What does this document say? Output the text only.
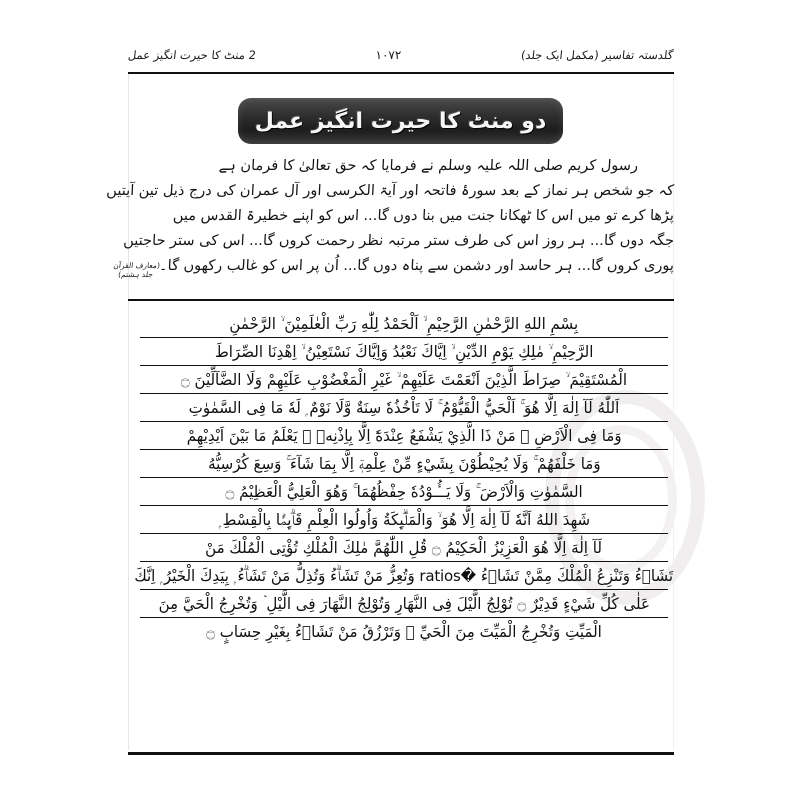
گلدستہ تفاسیر (مکمل ایک جلد)
۱۰۷۲
2 منٹ کا حیرت انگیز عمل
دو منٹ کا حیرت انگیز عمل
رسول کریم صلی اللہ علیہ وسلم نے فرمایا کہ حق تعالیٰ کا فرمان ہے
کہ جو شخص ہر نماز کے بعد سورۂ فاتحہ اور آیۃ الکرسی اور آل عمران کی درج ذیل تین آیتیں
پڑھا کرے تو میں اس کا ٹھکانا جنت میں بنا دوں گا... اس کو اپنے خطیرۃ القدس میں
جگہ دوں گا... ہر روز اس کی طرف ستر مرتبہ نظر رحمت کروں گا... اس کی ستر حاجتیں
پوری کروں گا... ہر حاسد اور دشمن سے پناہ دوں گا... اُن پر اس کو غالب رکھوں گا۔
(معارف القرآن
جلد ہشتم)
بِسْمِ اللهِ الرَّحْمٰنِ الرَّحِيْمِ ۙ اَلْحَمْدُ لِلّٰهِ رَبِّ الْعٰلَمِيْنَ ۙ الرَّحْمٰنِ
الرَّحِيْمِ ۙ مٰلِكِ يَوْمِ الدِّيْنِ ۙ اِيَّاكَ نَعْبُدُ وَاِيَّاكَ نَسْتَعِيْنُ ۙ اِهْدِنَا الصِّرَاطَ
الْمُسْتَقِيْمَ ۙ صِرَاطَ الَّذِيْنَ اَنْعَمْتَ عَلَيْهِمْ ۙ غَيْرِ الْمَغْضُوْبِ عَلَيْهِمْ وَلَا الضَّآلِّيْنَ ۝
اَللّٰهُ لَآ اِلٰهَ اِلَّا هُوَ ۚ اَلْحَيُّ الْقَيُّوْمُ ۚ لَا تَاْخُذُهٗ سِنَةٌ وَّلَا نَوْمٌ ۭ لَهٗ مَا فِى السَّمٰوٰتِ
وَمَا فِى الْاَرْضِ ۭ مَنْ ذَا الَّذِيْ يَشْفَعُ عِنْدَهٗٓ اِلَّا بِاِذْنِهٖ ۭ يَعْلَمُ مَا بَيْنَ اَيْدِيْهِمْ
وَمَا خَلْفَهُمْ ۚ وَلَا يُحِيْطُوْنَ بِشَيْءٍ مِّنْ عِلْمِهٖٓ اِلَّا بِمَا شَآءَ ۚ وَسِعَ كُرْسِيُّهُ
السَّمٰوٰتِ وَالْاَرْضَ ۚ وَلَا يَــُٔـوْدُهٗ حِفْظُهُمَا ۚ وَهُوَ الْعَلِيُّ الْعَظِيْمُ ۝
شَهِدَ اللهُ اَنَّهٗ لَآ اِلٰهَ اِلَّا هُوَ ۙ وَالْمَلٰۗىِٕكَةُ وَاُولُوا الْعِلْمِ قَاۗىِٕمًۢا بِالْقِسْطِ ۭ
لَآ اِلٰهَ اِلَّا هُوَ الْعَزِيْزُ الْحَكِيْمُ ۝ قُلِ اللّٰهُمَّ مٰلِكَ الْمُلْكِ تُؤْتِى الْمُلْكَ مَنْ
تَشَاۗءُ وَتَنْزِعُ الْمُلْكَ مِمَّنْ تَشَاۗءُ �ratios وَتُعِزُّ مَنْ تَشَاۗءُ وَتُذِلُّ مَنْ تَشَاۗءُ ۭ بِيَدِكَ الْخَيْرُ ۭ اِنَّكَ
عَلٰى كُلِّ شَيْءٍ قَدِيْرٌ ۝ تُوْلِجُ الَّيْلَ فِى النَّهَارِ وَتُوْلِجُ النَّهَارَ فِى الَّيْلِ ۡ وَتُخْرِجُ الْحَيَّ مِنَ
الْمَيِّتِ وَتُخْرِجُ الْمَيِّتَ مِنَ الْحَيِّ ۡ وَتَرْزُقُ مَنْ تَشَاۗءُ بِغَيْرِ حِسَابٍ ۝
